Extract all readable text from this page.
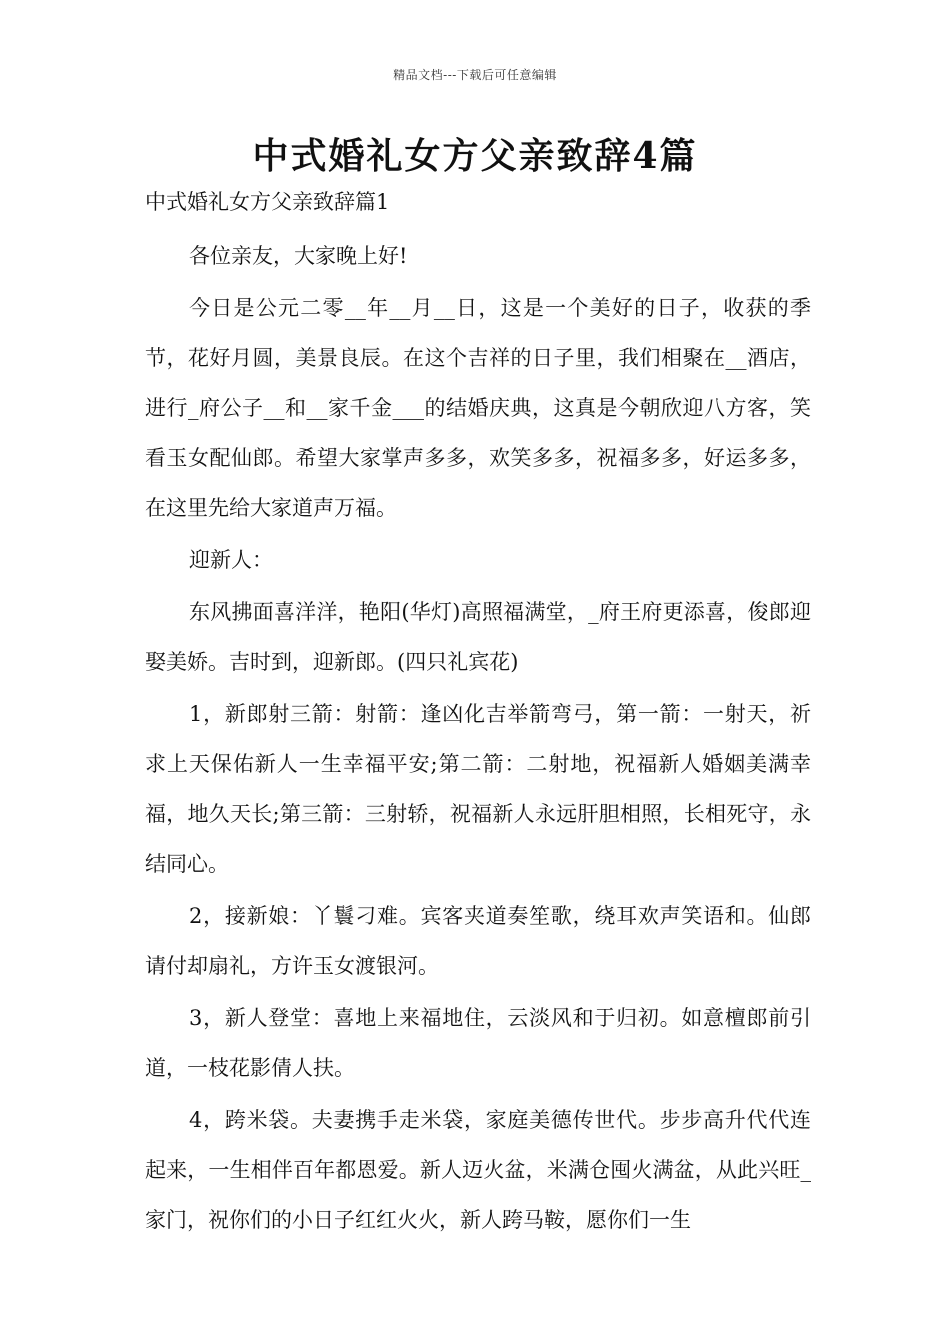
精品文档---下载后可任意编辑
中式婚礼女方父亲致辞4篇

中式婚礼女方父亲致辞篇1

各位亲友，大家晚上好!

今日是公元二零__年__月__日，这是一个美好的日子，收获的季节，花好月圆，美景良辰。在这个吉祥的日子里，我们相聚在__酒店，进行_府公子__和__家千金___的结婚庆典，这真是今朝欣迎八方客，笑看玉女配仙郎。希望大家掌声多多，欢笑多多，祝福多多，好运多多，在这里先给大家道声万福。

迎新人：

东风拂面喜洋洋，艳阳(华灯)高照福满堂，_府王府更添喜，俊郎迎娶美娇。吉时到，迎新郎。(四只礼宾花)

1，新郎射三箭：射箭：逢凶化吉举箭弯弓，第一箭：一射天，祈求上天保佑新人一生幸福平安;第二箭：二射地，祝福新人婚姻美满幸福，地久天长;第三箭：三射轿，祝福新人永远肝胆相照，长相死守，永结同心。

2，接新娘：丫鬟刁难。宾客夹道奏笙歌，绕耳欢声笑语和。仙郎请付却扇礼，方许玉女渡银河。

3，新人登堂：喜地上来福地住，云淡风和于归初。如意檀郎前引道，一枝花影倩人扶。

4，跨米袋。夫妻携手走米袋，家庭美德传世代。步步高升代代连起来，一生相伴百年都恩爱。新人迈火盆，米满仓囤火满盆，从此兴旺_家门，祝你们的小日子红红火火，新人跨马鞍，愿你们一生
